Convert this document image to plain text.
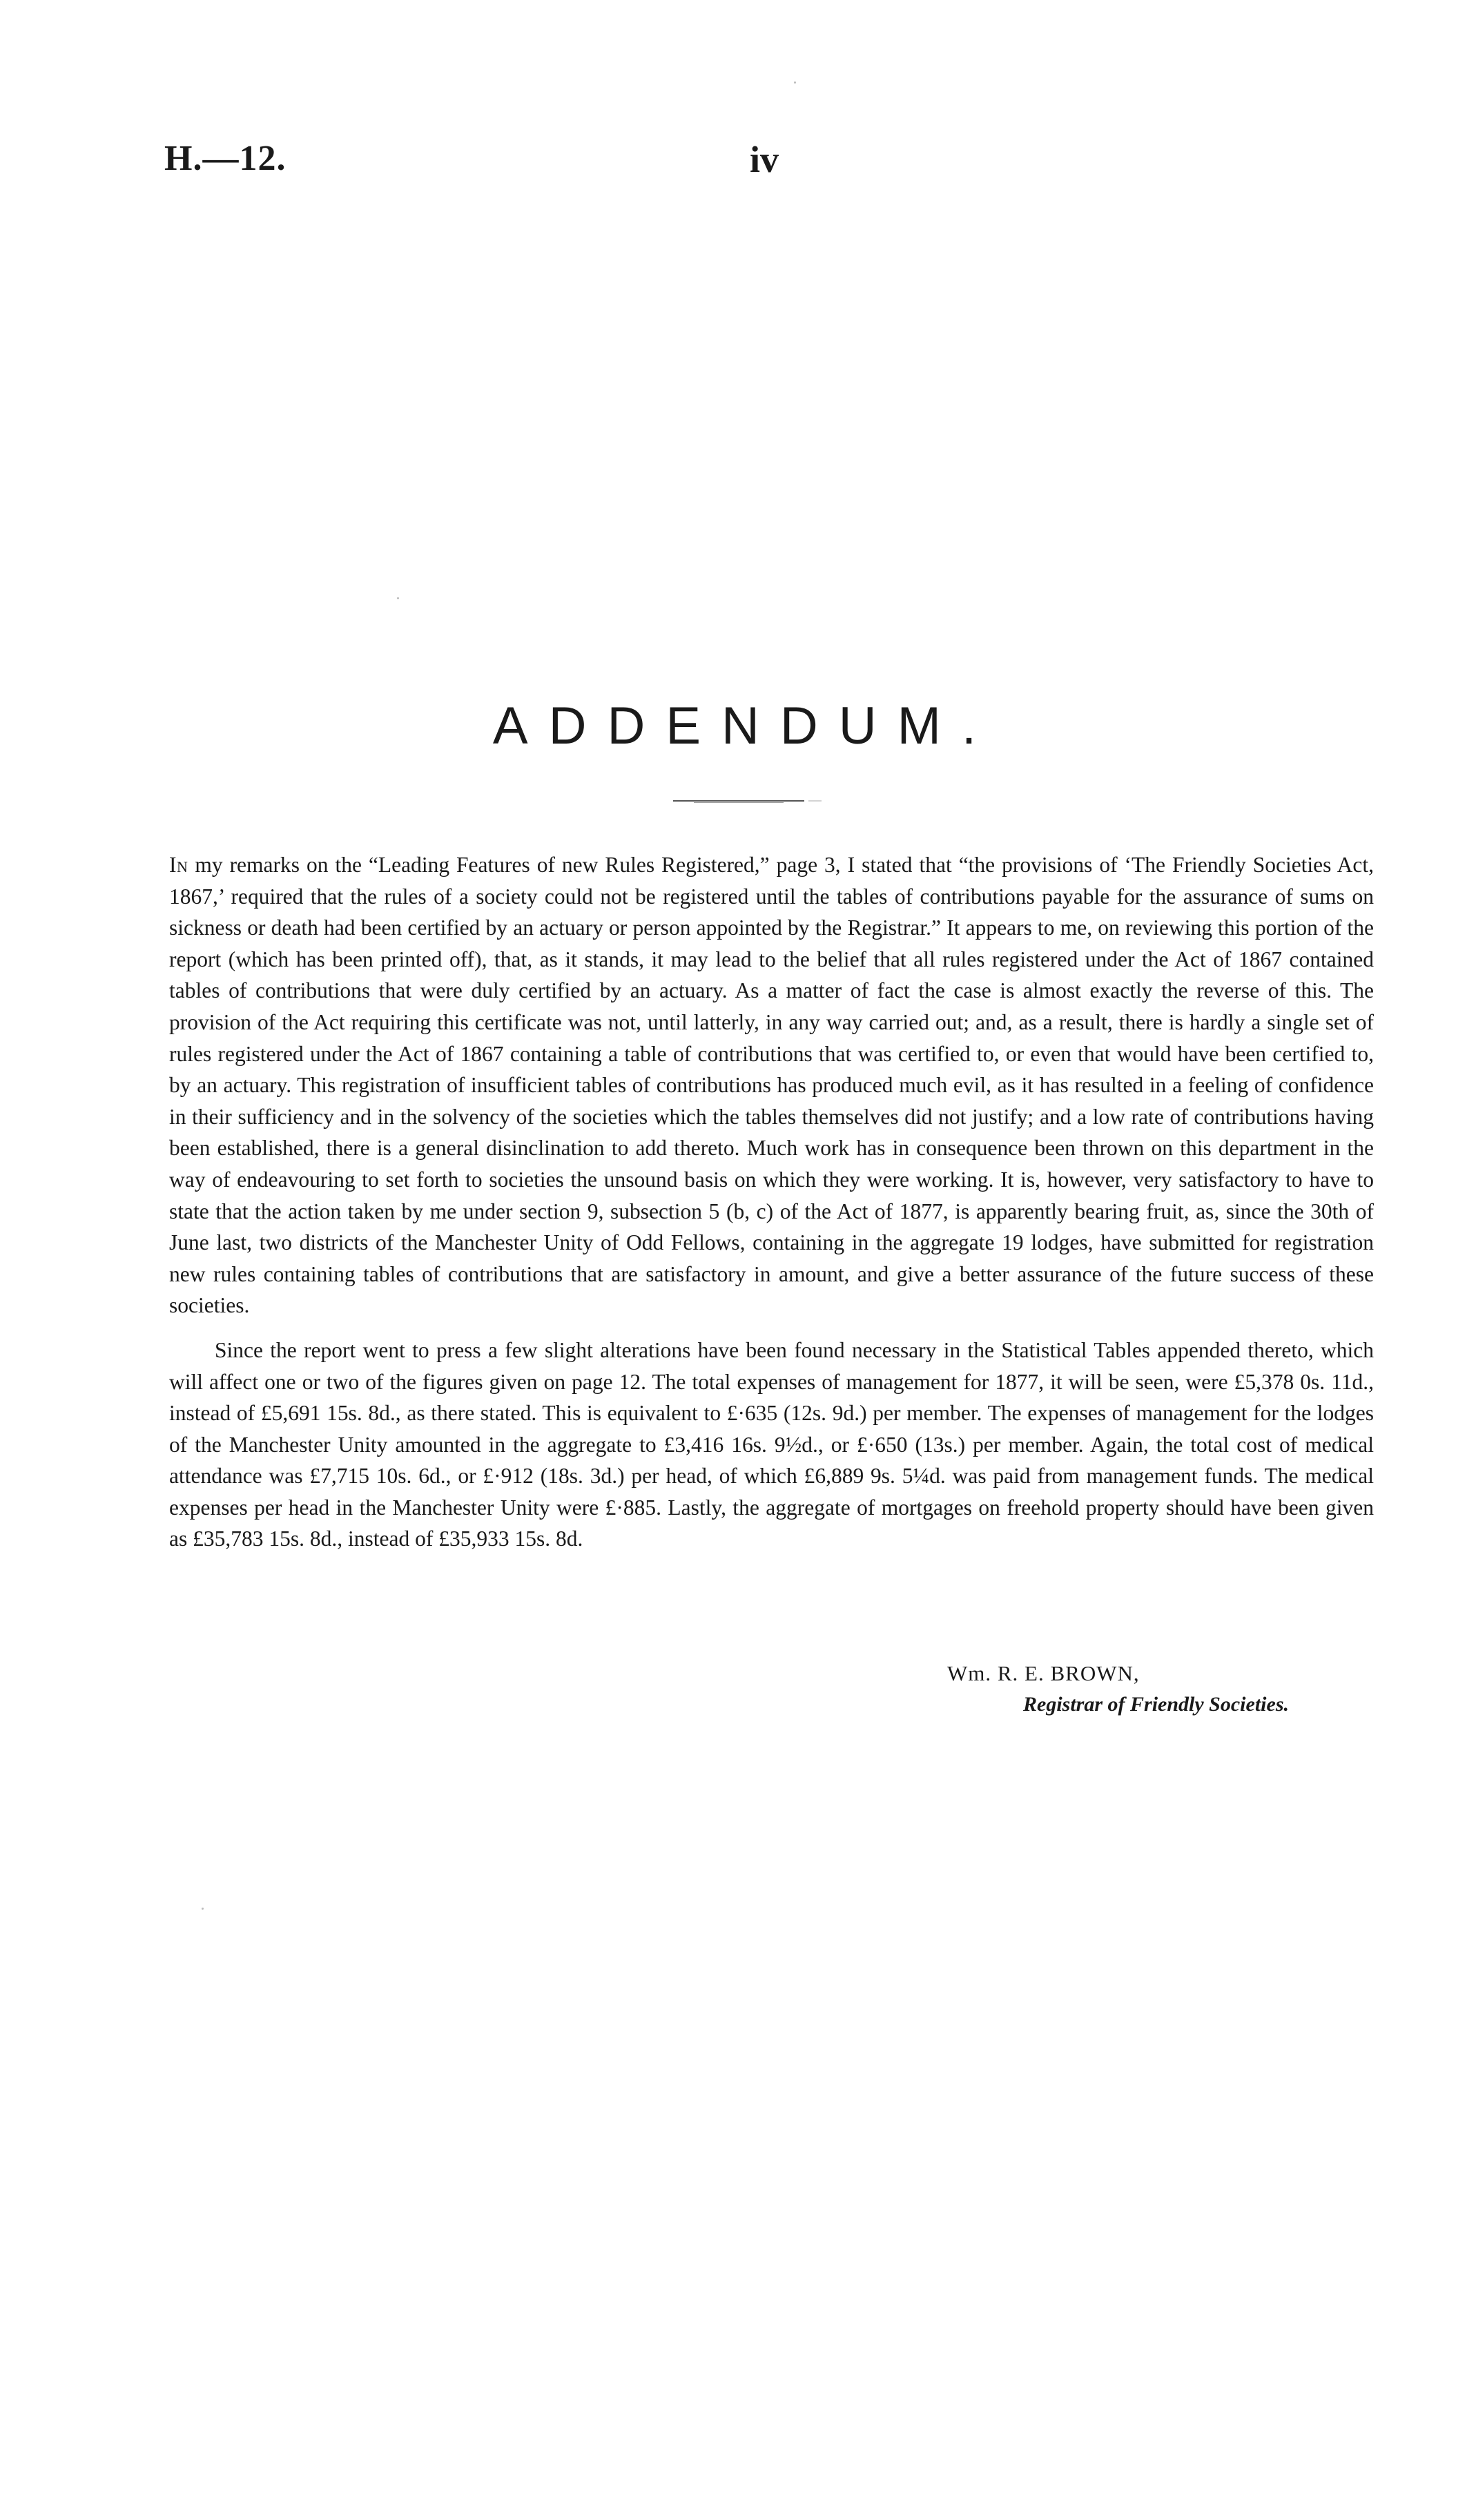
H.—12.	iv
ADDENDUM.

In my remarks on the “Leading Features of new Rules Registered,” page 3, I stated that “the provisions of ‘The Friendly Societies Act, 1867,’ required that the rules of a society could not be registered until the tables of contributions payable for the assurance of sums on sickness or death had been certified by an actuary or person appointed by the Registrar.” It appears to me, on reviewing this portion of the report (which has been printed off), that, as it stands, it may lead to the belief that all rules registered under the Act of 1867 contained tables of contributions that were duly certified by an actuary. As a matter of fact the case is almost exactly the reverse of this. The provision of the Act requiring this certificate was not, until latterly, in any way carried out; and, as a result, there is hardly a single set of rules registered under the Act of 1867 containing a table of contributions that was certified to, or even that would have been certified to, by an actuary. This registration of insufficient tables of contributions has produced much evil, as it has resulted in a feeling of confidence in their sufficiency and in the solvency of the societies which the tables themselves did not justify; and a low rate of contributions having been established, there is a general disinclination to add thereto. Much work has in consequence been thrown on this department in the way of endeavouring to set forth to societies the unsound basis on which they were working. It is, however, very satisfactory to have to state that the action taken by me under section 9, subsection 5 (b, c) of the Act of 1877, is apparently bearing fruit, as, since the 30th of June last, two districts of the Manchester Unity of Odd Fellows, containing in the aggregate 19 lodges, have submitted for registration new rules containing tables of contributions that are satisfactory in amount, and give a better assurance of the future success of these societies.

Since the report went to press a few slight alterations have been found necessary in the Statistical Tables appended thereto, which will affect one or two of the figures given on page 12. The total expenses of management for 1877, it will be seen, were £5,378 0s. 11d., instead of £5,691 15s. 8d., as there stated. This is equivalent to £·635 (12s. 9d.) per member. The expenses of management for the lodges of the Manchester Unity amounted in the aggregate to £3,416 16s. 9½d., or £·650 (13s.) per member. Again, the total cost of medical attendance was £7,715 10s. 6d., or £·912 (18s. 3d.) per head, of which £6,889 9s. 5¼d. was paid from management funds. The medical expenses per head in the Manchester Unity were £·885. Lastly, the aggregate of mortgages on freehold property should have been given as £35,783 15s. 8d., instead of £35,933 15s. 8d.

Wm. R. E. BROWN,
Registrar of Friendly Societies.
